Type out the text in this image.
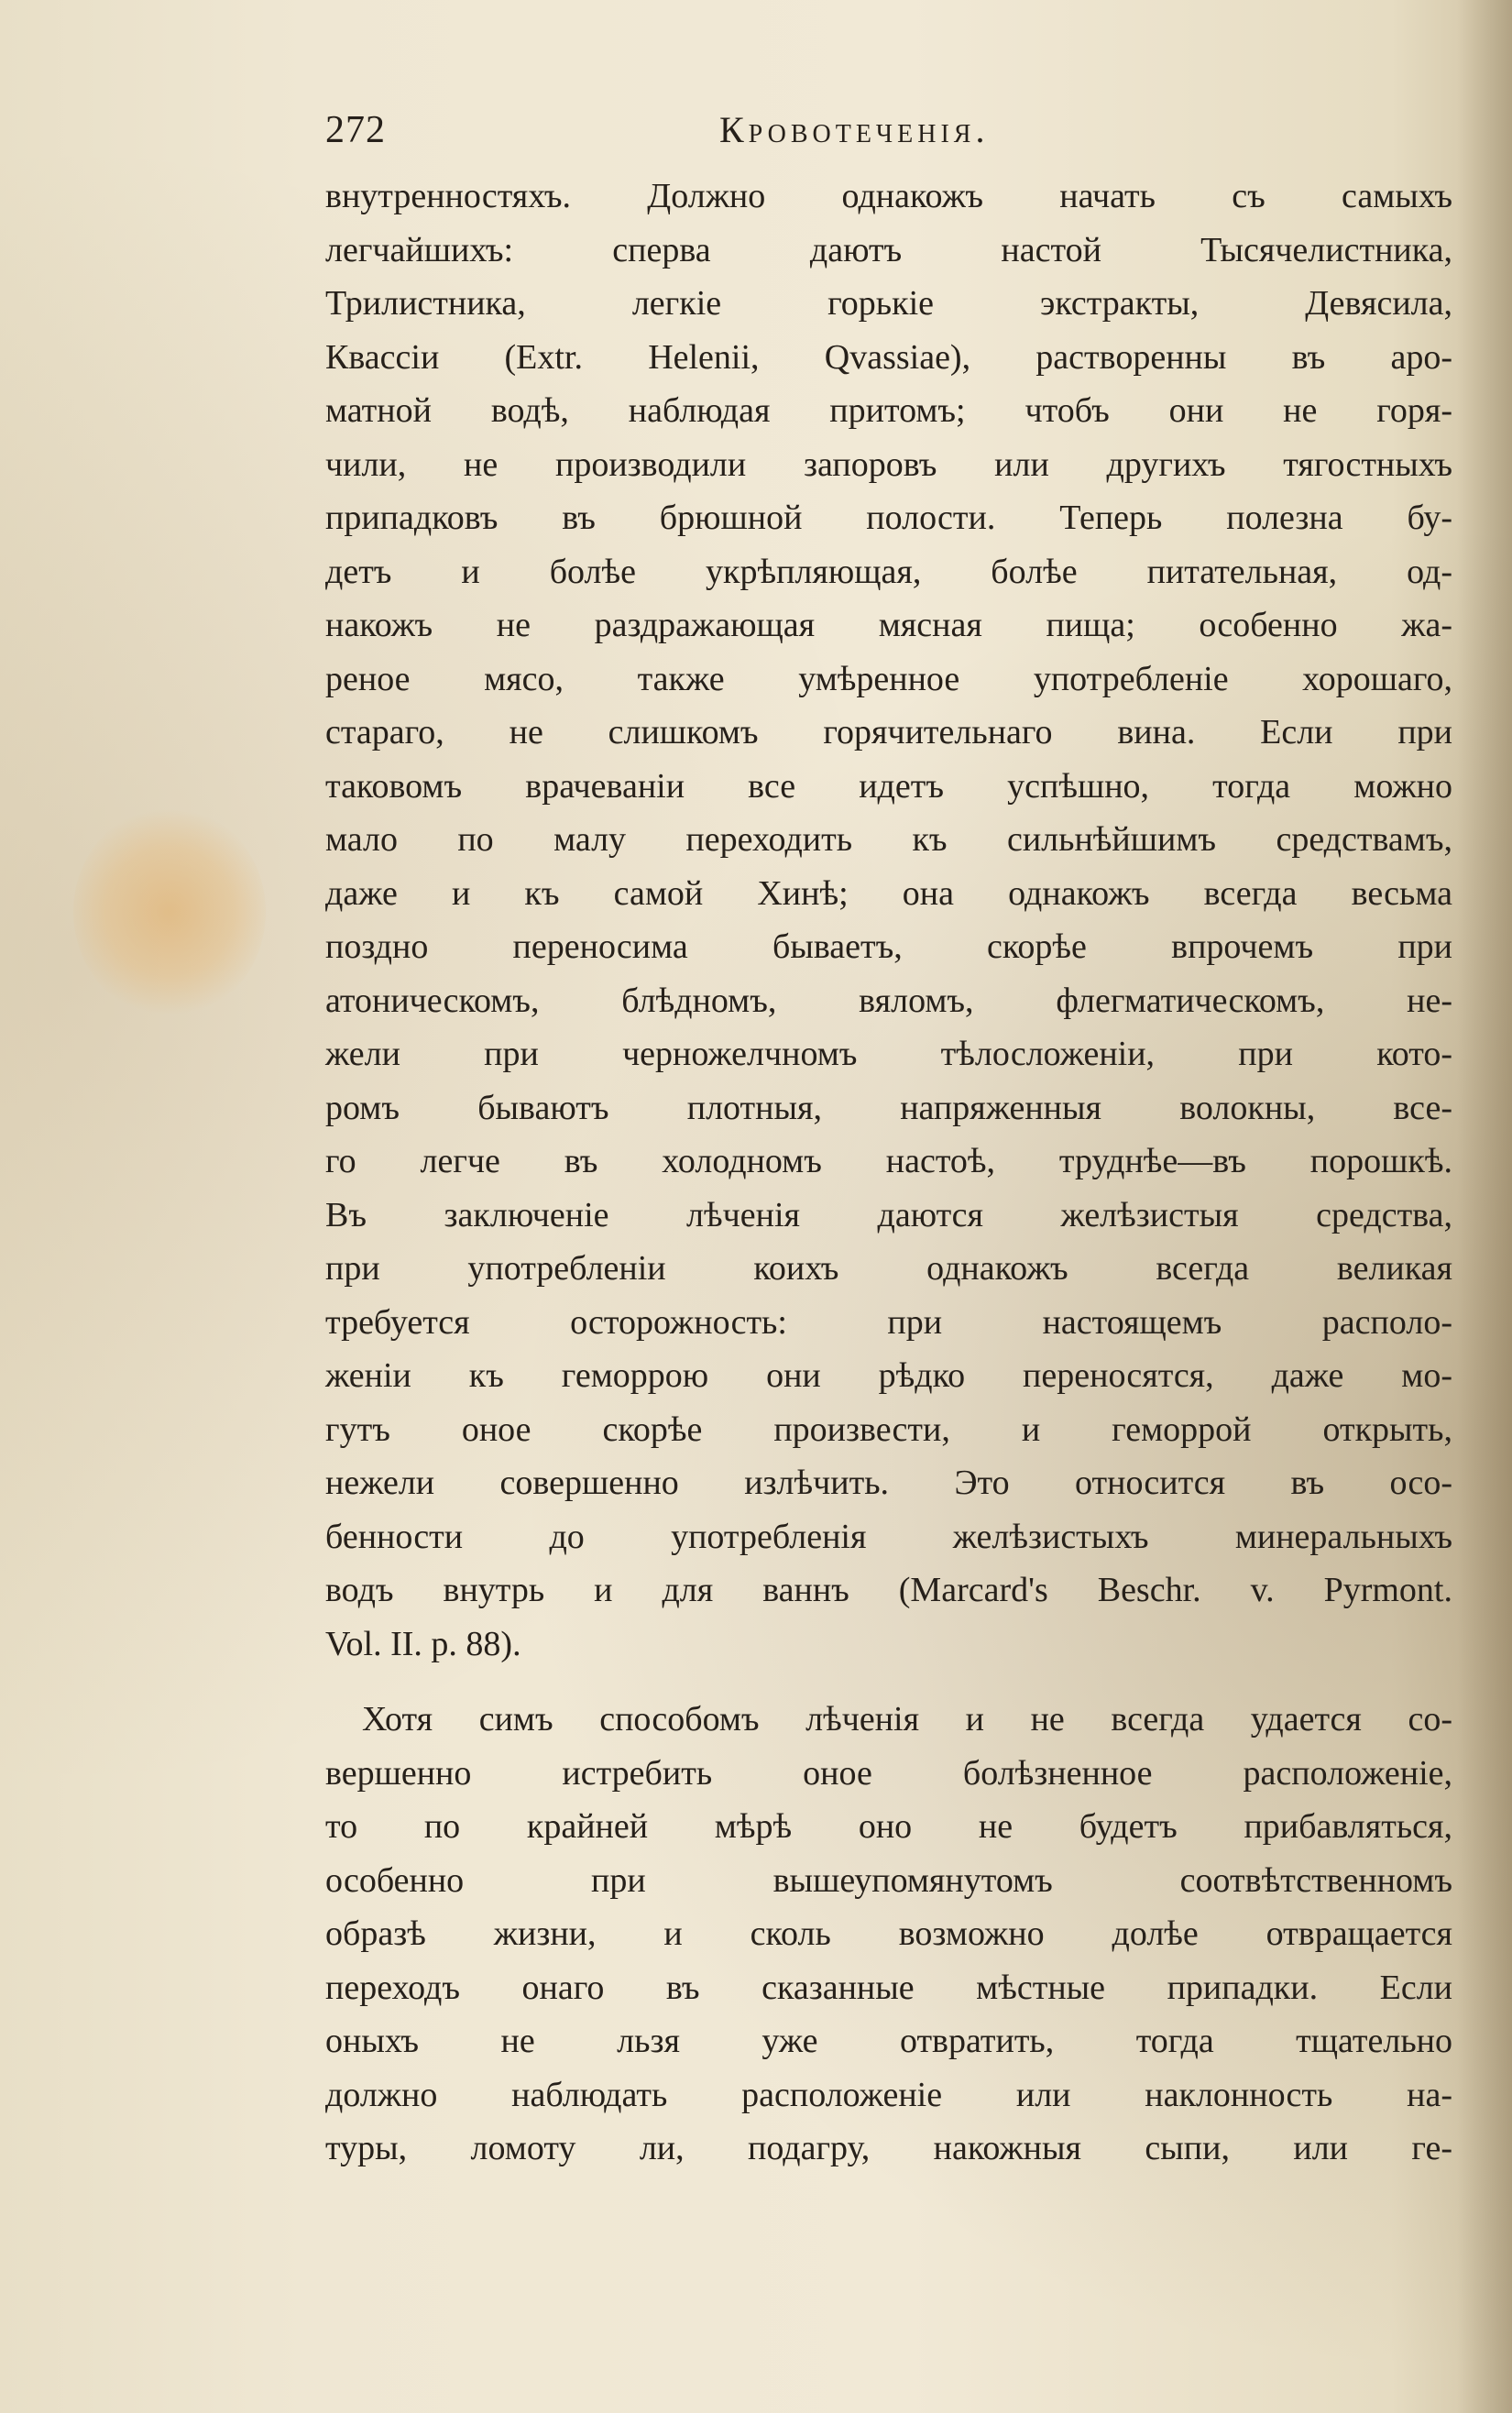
272	Кровотеченія.
внутренностяхъ. Должно однакожъ начать съ самыхъ
легчайшихъ: сперва даютъ настой Тысячелистника,
Трилистника, легкіе горькіе экстракты, Девясила,
Квассіи (Extr. Helenii, Qvassiae), растворенны въ аро-
матной водѣ, наблюдая притомъ; чтобъ они не горя-
чили, не производили запоровъ или другихъ тягостныхъ
припадковъ въ брюшной полости. Теперь полезна бу-
детъ и болѣе укрѣпляющая, болѣе питательная, од-
накожъ не раздражающая мясная пища; особенно жа-
реное мясо, также умѣренное употребленіе хорошаго,
стараго, не слишкомъ горячительнаго вина. Если при
таковомъ врачеваніи все идетъ успѣшно, тогда можно
мало по малу переходить къ сильнѣйшимъ средствамъ,
даже и къ самой Хинѣ; она однакожъ всегда весьма
поздно переносима бываетъ, скорѣе впрочемъ при
атоническомъ, блѣдномъ, вяломъ, флегматическомъ, не-
жели при черножелчномъ тѣлосложеніи, при кото-
ромъ бываютъ плотныя, напряженныя волокны, все-
го легче въ холодномъ настоѣ, труднѣе—въ порошкѣ.
Въ заключеніе лѣченія даются желѣзистыя средства,
при употребленіи коихъ однакожъ всегда великая
требуется осторожность: при настоящемъ располо-
женіи къ геморрою они рѣдко переносятся, даже мо-
гутъ оное скорѣе произвести, и геморрой открыть,
нежели совершенно излѣчить. Это относится въ осо-
бенности до употребленія желѣзистыхъ минеральныхъ
водъ внутрь и для ваннъ (Marcard's Beschr. v. Pyrmont.
Vol. II. p. 88).
Хотя симъ способомъ лѣченія и не всегда удается со-
вершенно истребить оное болѣзненное расположеніе,
то по крайней мѣрѣ оно не будетъ прибавляться,
особенно при вышеупомянутомъ соотвѣтственномъ
образѣ жизни, и сколь возможно долѣе отвращается
переходъ онаго въ сказанные мѣстные припадки. Если
оныхъ не льзя уже отвратить, тогда тщательно
должно наблюдать расположеніе или наклонность на-
туры, ломоту ли, подагру, накожныя сыпи, или ге-
